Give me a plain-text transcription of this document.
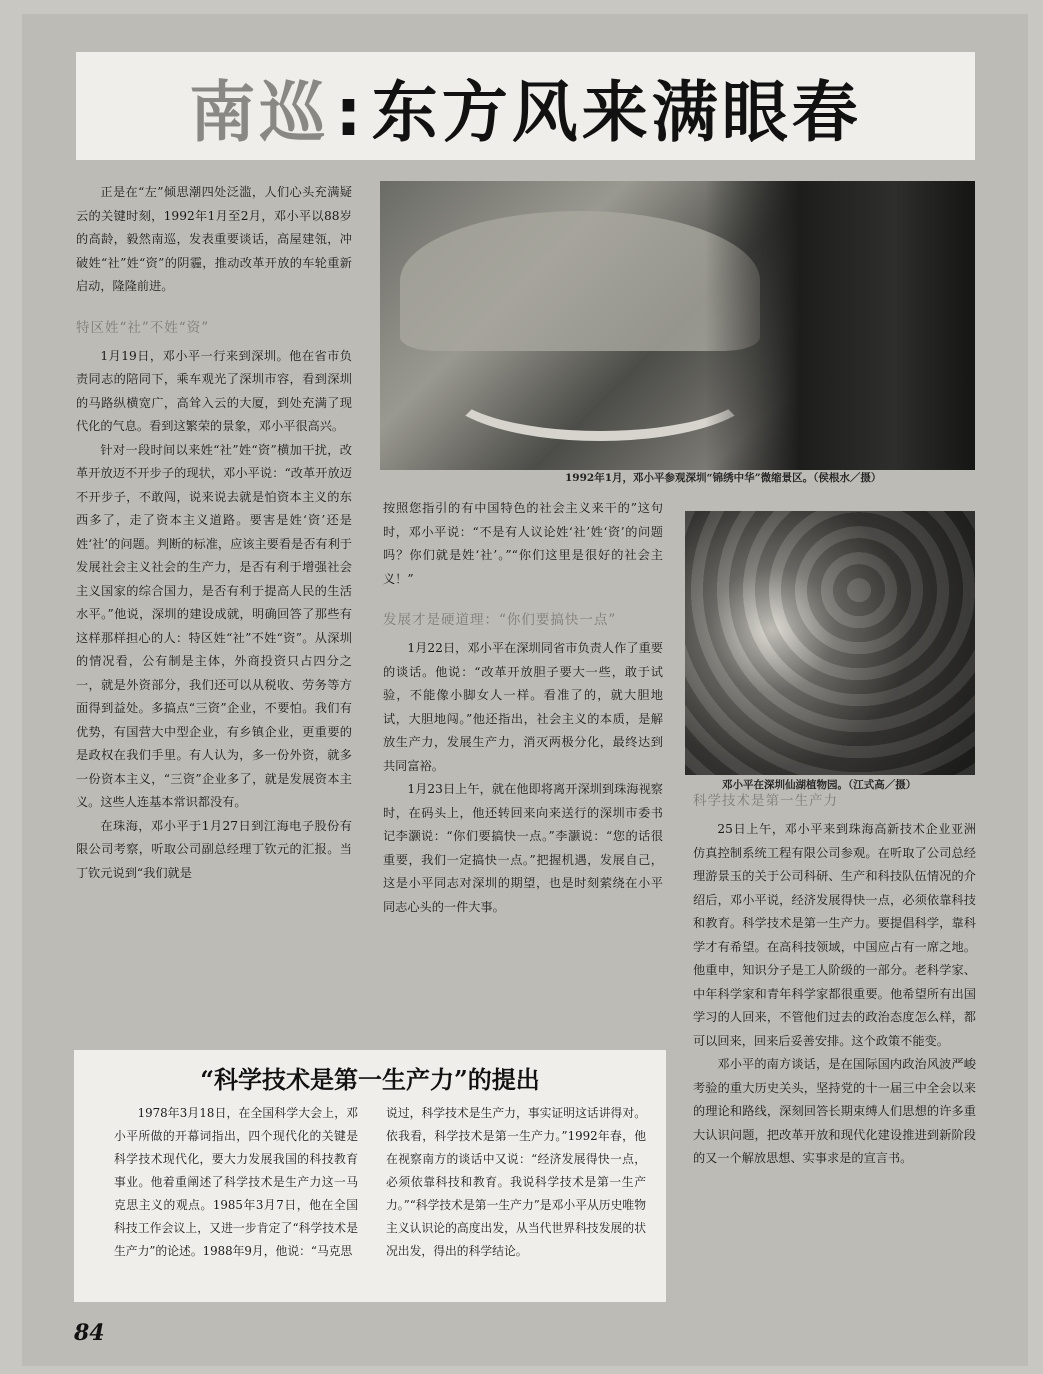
南巡:东方风来满眼春

正是在“左”倾思潮四处泛滥，人们心头充满疑云的关键时刻，1992年1月至2月，邓小平以88岁的高龄，毅然南巡，发表重要谈话，高屋建瓴，冲破姓“社”姓“资”的阴霾，推动改革开放的车轮重新启动，隆隆前进。

特区姓“社”不姓“资”

1月19日，邓小平一行来到深圳。他在省市负责同志的陪同下，乘车观光了深圳市容，看到深圳的马路纵横宽广，高耸入云的大厦，到处充满了现代化的气息。看到这繁荣的景象，邓小平很高兴。

针对一段时间以来姓“社”姓“资”横加干扰，改革开放迈不开步子的现状，邓小平说：“改革开放迈不开步子，不敢闯，说来说去就是怕资本主义的东西多了，走了资本主义道路。要害是姓‘资’还是姓‘社’的问题。判断的标准，应该主要看是否有利于发展社会主义社会的生产力，是否有利于增强社会主义国家的综合国力，是否有利于提高人民的生活水平。”他说，深圳的建设成就，明确回答了那些有这样那样担心的人：特区姓“社”不姓“资”。从深圳的情况看，公有制是主体，外商投资只占四分之一，就是外资部分，我们还可以从税收、劳务等方面得到益处。多搞点“三资”企业，不要怕。我们有优势，有国营大中型企业，有乡镇企业，更重要的是政权在我们手里。有人认为，多一份外资，就多一份资本主义，“三资”企业多了，就是发展资本主义。这些人连基本常识都没有。

在珠海，邓小平于1月27日到江海电子股份有限公司考察，听取公司副总经理丁钦元的汇报。当丁钦元说到“我们就是

1992年1月，邓小平参观深圳“锦绣中华”微缩景区。（侯根水／摄）

按照您指引的有中国特色的社会主义来干的”这句时，邓小平说：“不是有人议论姓‘社’姓‘资’的问题吗？你们就是姓‘社’。”“你们这里是很好的社会主义！”

发展才是硬道理：“你们要搞快一点”

1月22日，邓小平在深圳同省市负责人作了重要的谈话。他说：“改革开放胆子要大一些，敢于试验，不能像小脚女人一样。看准了的，就大胆地试，大胆地闯。”他还指出，社会主义的本质，是解放生产力，发展生产力，消灭两极分化，最终达到共同富裕。

1月23日上午，就在他即将离开深圳到珠海视察时，在码头上，他还转回来向来送行的深圳市委书记李灏说：“你们要搞快一点。”李灏说：“您的话很重要，我们一定搞快一点。”把握机遇，发展自己，这是小平同志对深圳的期望，也是时刻萦绕在小平同志心头的一件大事。

邓小平在深圳仙湖植物园。（江式高／摄）
科学技术是第一生产力

25日上午，邓小平来到珠海高新技术企业亚洲仿真控制系统工程有限公司参观。在听取了公司总经理游景玉的关于公司科研、生产和科技队伍情况的介绍后，邓小平说，经济发展得快一点，必须依靠科技和教育。科学技术是第一生产力。要提倡科学，靠科学才有希望。在高科技领域，中国应占有一席之地。他重申，知识分子是工人阶级的一部分。老科学家、中年科学家和青年科学家都很重要。他希望所有出国学习的人回来，不管他们过去的政治态度怎么样，都可以回来，回来后妥善安排。这个政策不能变。

邓小平的南方谈话，是在国际国内政治风波严峻考验的重大历史关头，坚持党的十一届三中全会以来的理论和路线，深刻回答长期束缚人们思想的许多重大认识问题，把改革开放和现代化建设推进到新阶段的又一个解放思想、实事求是的宣言书。

“科学技术是第一生产力”的提出

1978年3月18日，在全国科学大会上，邓小平所做的开幕词指出，四个现代化的关键是科学技术现代化，要大力发展我国的科技教育事业。他着重阐述了科学技术是生产力这一马克思主义的观点。1985年3月7日，他在全国科技工作会议上，又进一步肯定了“科学技术是生产力”的论述。1988年9月，他说：“马克思

说过，科学技术是生产力，事实证明这话讲得对。依我看，科学技术是第一生产力。”1992年春，他在视察南方的谈话中又说：“经济发展得快一点，必须依靠科技和教育。我说科学技术是第一生产力。”“科学技术是第一生产力”是邓小平从历史唯物主义认识论的高度出发，从当代世界科技发展的状况出发，得出的科学结论。

84
